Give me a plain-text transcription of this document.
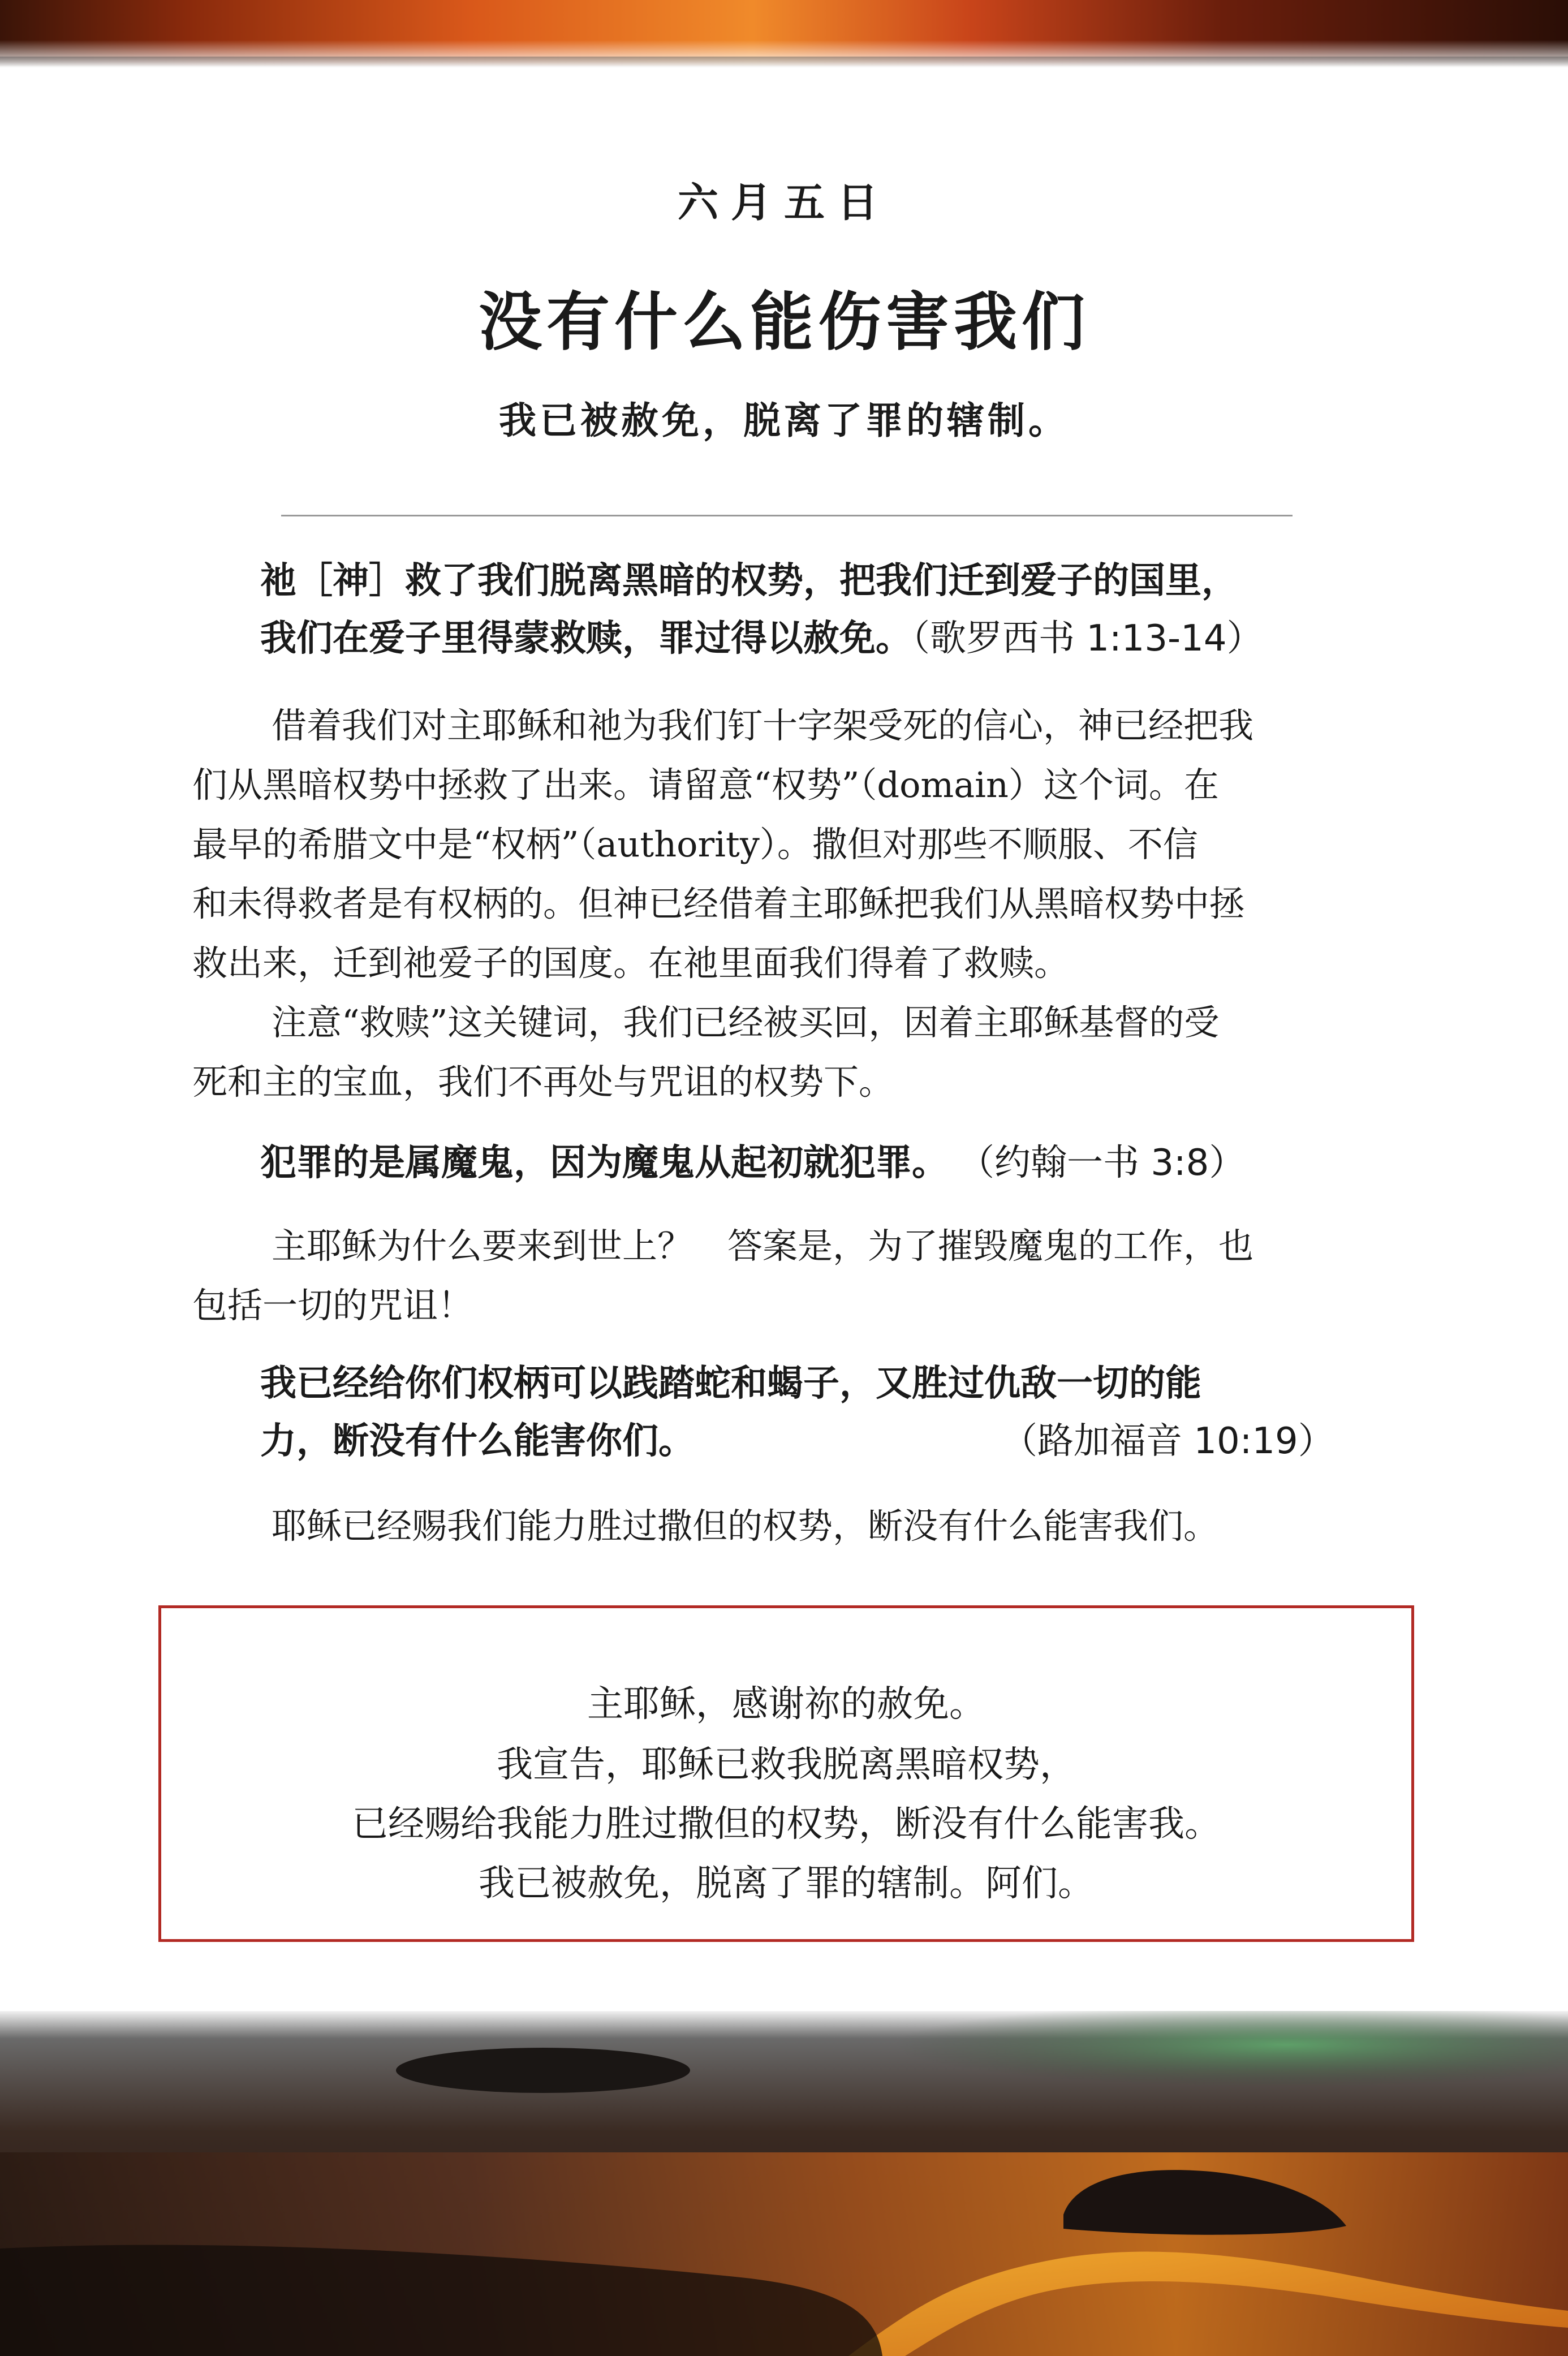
六月五日
没有什么能伤害我们
我已被赦免，脱离了罪的辖制。
祂［神］救了我们脱离黑暗的权势，把我们迁到爱子的国里，
我们在爱子里得蒙救赎，罪过得以赦免。（歌罗西书 1:13-14）
借着我们对主耶稣和祂为我们钉十字架受死的信心，神已经把我
们从黑暗权势中拯救了出来。请留意“权势”（domain）这个词。在
最早的希腊文中是“权柄”（authority）。撒但对那些不顺服、不信
和未得救者是有权柄的。但神已经借着主耶稣把我们从黑暗权势中拯
救出来，迁到祂爱子的国度。在祂里面我们得着了救赎。
注意“救赎”这关键词，我们已经被买回，因着主耶稣基督的受
死和主的宝血，我们不再处与咒诅的权势下。
犯罪的是属魔鬼，因为魔鬼从起初就犯罪。 （约翰一书 3:8）
主耶稣为什么要来到世上？　答案是，为了摧毁魔鬼的工作，也
包括一切的咒诅！
我已经给你们权柄可以践踏蛇和蝎子，又胜过仇敌一切的能
力，断没有什么能害你们。	（路加福音 10:19）
耶稣已经赐我们能力胜过撒但的权势，断没有什么能害我们。
主耶稣，感谢祢的赦免。
我宣告，耶稣已救我脱离黑暗权势，
已经赐给我能力胜过撒但的权势，断没有什么能害我。
我已被赦免，脱离了罪的辖制。阿们。
